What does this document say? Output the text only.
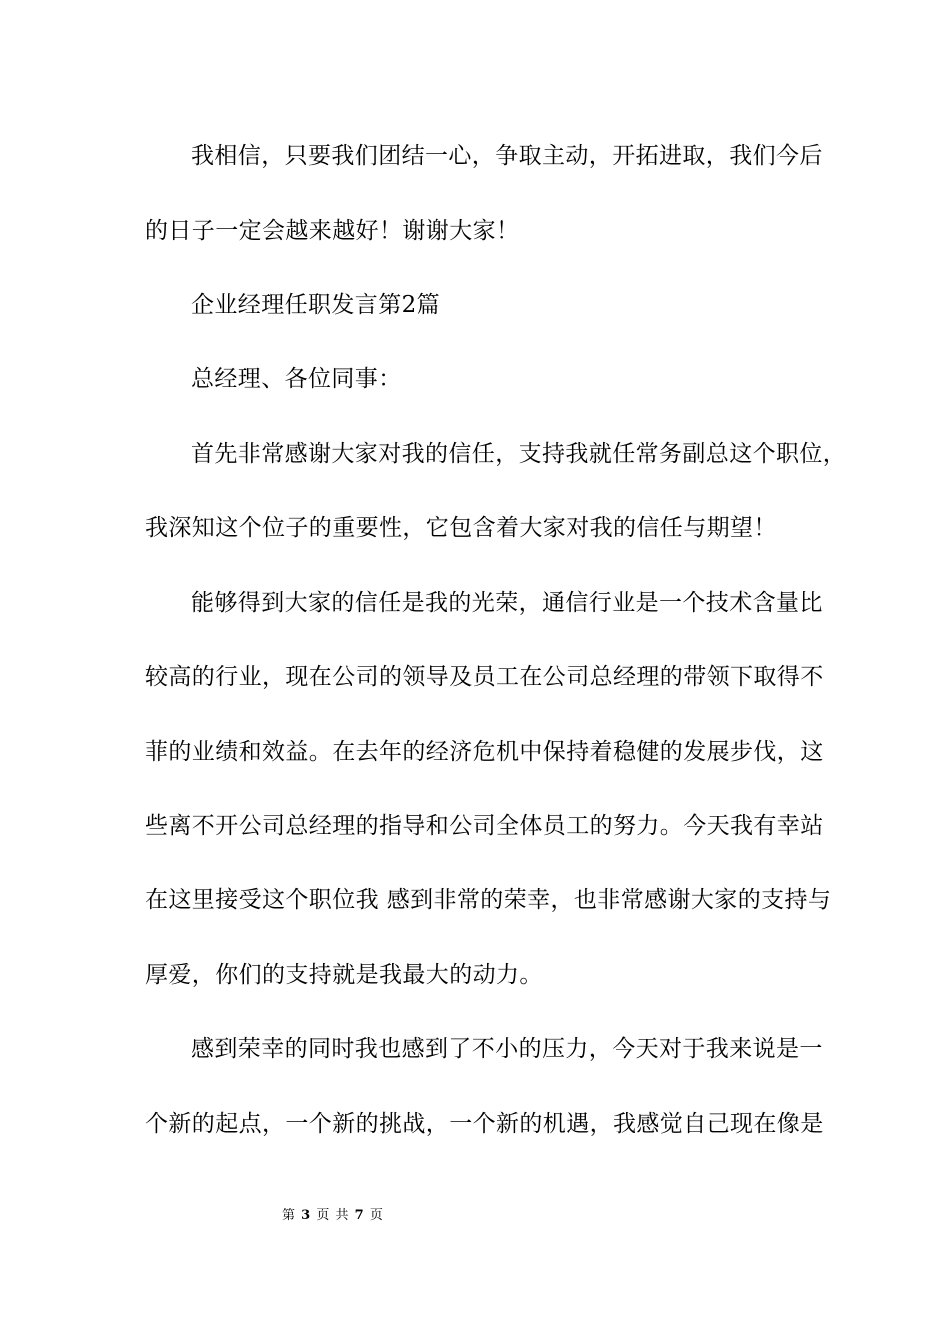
我相信，只要我们团结一心，争取主动，开拓进取，我们今后
的日子一定会越来越好！谢谢大家！
企业经理任职发言第2篇
总经理、各位同事：
首先非常感谢大家对我的信任，支持我就任常务副总这个职位，
我深知这个位子的重要性，它包含着大家对我的信任与期望！
能够得到大家的信任是我的光荣，通信行业是一个技术含量比
较高的行业，现在公司的领导及员工在公司总经理的带领下取得不
菲的业绩和效益。在去年的经济危机中保持着稳健的发展步伐，这
些离不开公司总经理的指导和公司全体员工的努力。今天我有幸站
在这里接受这个职位我 感到非常的荣幸，也非常感谢大家的支持与
厚爱，你们的支持就是我最大的动力。
感到荣幸的同时我也感到了不小的压力，今天对于我来说是一
个新的起点，一个新的挑战，一个新的机遇，我感觉自己现在像是
第 3 页 共 7 页
